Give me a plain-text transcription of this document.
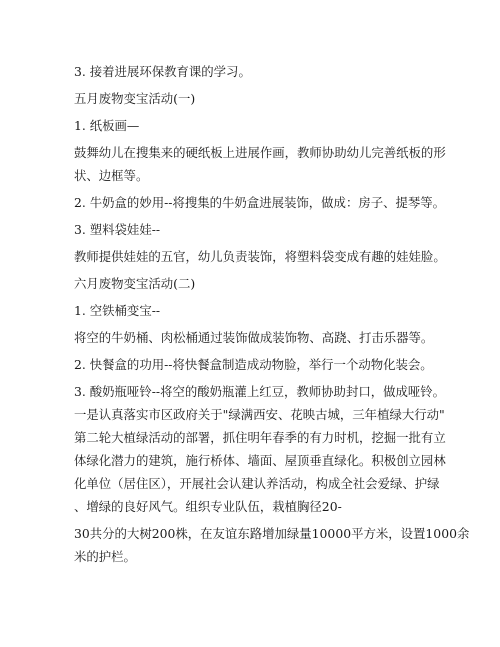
3. 接着进展环保教育课的学习。

五月废物变宝活动(一)

1. 纸板画—

鼓舞幼儿在搜集来的硬纸板上进展作画，教师协助幼儿完善纸板的形

状、边框等。

2. 牛奶盒的妙用--将搜集的牛奶盒进展装饰，做成：房子、提琴等。

3. 塑料袋娃娃--

教师提供娃娃的五官，幼儿负责装饰，将塑料袋变成有趣的娃娃脸。

六月废物变宝活动(二)

1. 空铁桶变宝--

将空的牛奶桶、肉松桶通过装饰做成装饰物、高跷、打击乐器等。

2. 快餐盒的功用--将快餐盒制造成动物脸，举行一个动物化装会。

3. 酸奶瓶哑铃--将空的酸奶瓶灌上红豆，教师协助封口，做成哑铃。

一是认真落实市区政府关于"绿满西安、花映古城，三年植绿大行动"

第二轮大植绿活动的部署，抓住明年春季的有力时机，挖掘一批有立

体绿化潜力的建筑，施行桥体、墙面、屋顶垂直绿化。积极创立园林

化单位（居住区），开展社会认建认养活动，构成全社会爱绿、护绿

、增绿的良好风气。组织专业队伍，栽植胸径20-

30共分的大树200株，在友谊东路增加绿量10000平方米，设置1000余

米的护栏。
